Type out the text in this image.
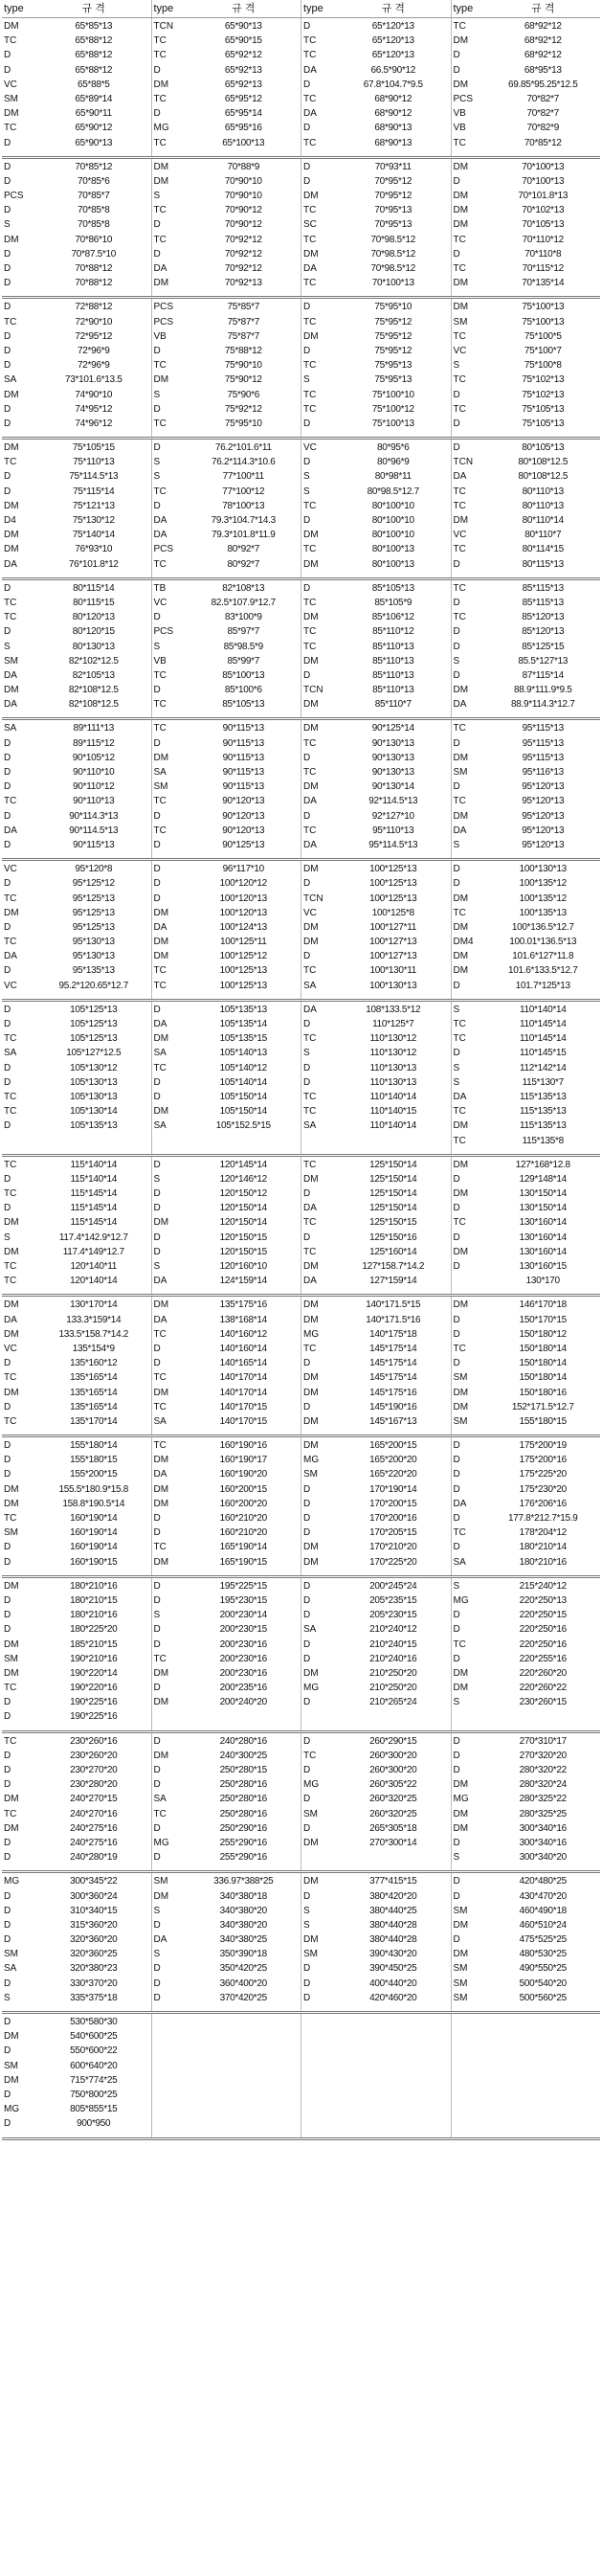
type	규 격	type	규 격	type	규 격	type	규 격
DM	65*85*13
TC	65*88*12
D	65*88*12
D	65*88*12
VC	65*88*5
SM	65*89*14
DM	65*90*11
TC	65*90*12
D	65*90*13
TCN	65*90*13
TC	65*90*15
TC	65*92*12
D	65*92*13
DM	65*92*13
TC	65*95*12
D	65*95*14
MG	65*95*16
TC	65*100*13
D	65*120*13
TC	65*120*13
TC	65*120*13
DA	66.5*90*12
D	67.8*104.7*9.5
TC	68*90*12
DA	68*90*12
D	68*90*13
TC	68*90*13
TC	68*92*12
DM	68*92*12
D	68*92*12
D	68*95*13
DM	69.85*95.25*12.5
PCS	70*82*7
VB	70*82*7
VB	70*82*9
TC	70*85*12
D	70*85*12
D	70*85*6
PCS	70*85*7
D	70*85*8
S	70*85*8
DM	70*86*10
D	70*87.5*10
D	70*88*12
D	70*88*12
DM	70*88*9
DM	70*90*10
S	70*90*10
TC	70*90*12
D	70*90*12
TC	70*92*12
D	70*92*12
DA	70*92*12
DM	70*92*13
D	70*93*11
D	70*95*12
DM	70*95*12
TC	70*95*13
SC	70*95*13
TC	70*98.5*12
DM	70*98.5*12
DA	70*98.5*12
TC	70*100*13
DM	70*100*13
D	70*100*13
DM	70*101.8*13
DM	70*102*13
DM	70*105*13
TC	70*110*12
D	70*110*8
TC	70*115*12
DM	70*135*14
D	72*88*12
TC	72*90*10
D	72*95*12
D	72*96*9
D	72*96*9
SA	73*101.6*13.5
DM	74*90*10
D	74*95*12
D	74*96*12
PCS	75*85*7
PCS	75*87*7
VB	75*87*7
D	75*88*12
TC	75*90*10
DM	75*90*12
S	75*90*6
D	75*92*12
TC	75*95*10
D	75*95*10
TC	75*95*12
DM	75*95*12
D	75*95*12
TC	75*95*13
S	75*95*13
TC	75*100*10
TC	75*100*12
D	75*100*13
DM	75*100*13
SM	75*100*13
TC	75*100*5
VC	75*100*7
S	75*100*8
TC	75*102*13
D	75*102*13
TC	75*105*13
D	75*105*13
DM	75*105*15
TC	75*110*13
D	75*114.5*13
D	75*115*14
DM	75*121*13
D4	75*130*12
DM	75*140*14
DM	76*93*10
DA	76*101.8*12
D	76.2*101.6*11
S	76.2*114.3*10.6
S	77*100*11
TC	77*100*12
D	78*100*13
DA	79.3*104.7*14.3
DA	79.3*101.8*11.9
PCS	80*92*7
TC	80*92*7
VC	80*95*6
D	80*96*9
S	80*98*11
S	80*98.5*12.7
TC	80*100*10
D	80*100*10
DM	80*100*10
TC	80*100*13
DM	80*100*13
D	80*105*13
TCN	80*108*12.5
DA	80*108*12.5
TC	80*110*13
TC	80*110*13
DM	80*110*14
VC	80*110*7
TC	80*114*15
D	80*115*13
D	80*115*14
TC	80*115*15
TC	80*120*13
D	80*120*15
S	80*130*13
SM	82*102*12.5
DA	82*105*13
DM	82*108*12.5
DA	82*108*12.5
TB	82*108*13
VC	82.5*107.9*12.7
D	83*100*9
PCS	85*97*7
S	85*98.5*9
VB	85*99*7
TC	85*100*13
D	85*100*6
TC	85*105*13
D	85*105*13
TC	85*105*9
DM	85*106*12
TC	85*110*12
TC	85*110*13
DM	85*110*13
D	85*110*13
TCN	85*110*13
DM	85*110*7
TC	85*115*13
D	85*115*13
TC	85*120*13
D	85*120*13
D	85*125*15
S	85.5*127*13
D	87*115*14
DM	88.9*111.9*9.5
DA	88.9*114.3*12.7
SA	89*111*13
D	89*115*12
D	90*105*12
D	90*110*10
D	90*110*12
TC	90*110*13
D	90*114.3*13
DA	90*114.5*13
D	90*115*13
TC	90*115*13
D	90*115*13
DM	90*115*13
SA	90*115*13
SM	90*115*13
TC	90*120*13
D	90*120*13
TC	90*120*13
D	90*125*13
DM	90*125*14
TC	90*130*13
D	90*130*13
TC	90*130*13
DM	90*130*14
DA	92*114.5*13
D	92*127*10
TC	95*110*13
DA	95*114.5*13
TC	95*115*13
D	95*115*13
DM	95*115*13
SM	95*116*13
D	95*120*13
TC	95*120*13
DM	95*120*13
DA	95*120*13
S	95*120*13
VC	95*120*8
D	95*125*12
TC	95*125*13
DM	95*125*13
D	95*125*13
TC	95*130*13
DA	95*130*13
D	95*135*13
VC	95.2*120.65*12.7
D	96*117*10
D	100*120*12
D	100*120*13
DM	100*120*13
DA	100*124*13
DM	100*125*11
DM	100*125*12
TC	100*125*13
TC	100*125*13
DM	100*125*13
D	100*125*13
TCN	100*125*13
VC	100*125*8
DM	100*127*11
DM	100*127*13
D	100*127*13
TC	100*130*11
SA	100*130*13
D	100*130*13
D	100*135*12
DM	100*135*12
TC	100*135*13
DM	100*136.5*12.7
DM4	100.01*136.5*13
DM	101.6*127*11.8
DM	101.6*133.5*12.7
D	101.7*125*13
D	105*125*13
D	105*125*13
TC	105*125*13
SA	105*127*12.5
D	105*130*12
D	105*130*13
TC	105*130*13
TC	105*130*14
D	105*135*13
D	105*135*13
DA	105*135*14
DM	105*135*15
SA	105*140*13
TC	105*140*12
D	105*140*14
D	105*150*14
DM	105*150*14
SA	105*152.5*15
DA	108*133.5*12
D	110*125*7
TC	110*130*12
S	110*130*12
D	110*130*13
D	110*130*13
TC	110*140*14
TC	110*140*15
SA	110*140*14
S	110*140*14
TC	110*145*14
TC	110*145*14
D	110*145*15
S	112*142*14
S	115*130*7
DA	115*135*13
TC	115*135*13
DM	115*135*13
TC	115*135*8
TC	115*140*14
D	115*140*14
TC	115*145*14
D	115*145*14
DM	115*145*14
S	117.4*142.9*12.7
DM	117.4*149*12.7
TC	120*140*11
TC	120*140*14
D	120*145*14
S	120*146*12
D	120*150*12
D	120*150*14
DM	120*150*14
D	120*150*15
D	120*150*15
S	120*160*10
DA	124*159*14
TC	125*150*14
DM	125*150*14
D	125*150*14
DA	125*150*14
TC	125*150*15
D	125*150*16
TC	125*160*14
DM	127*158.7*14.2
DA	127*159*14
DM	127*168*12.8
D	129*148*14
DM	130*150*14
D	130*150*14
TC	130*160*14
D	130*160*14
DM	130*160*14
D	130*160*15
130*170
DM	130*170*14
DA	133.3*159*14
DM	133.5*158.7*14.2
VC	135*154*9
D	135*160*12
TC	135*165*14
DM	135*165*14
D	135*165*14
TC	135*170*14
DM	135*175*16
DA	138*168*14
TC	140*160*12
D	140*160*14
D	140*165*14
TC	140*170*14
DM	140*170*14
TC	140*170*15
SA	140*170*15
DM	140*171.5*15
DM	140*171.5*16
MG	140*175*18
TC	145*175*14
D	145*175*14
DM	145*175*14
DM	145*175*16
D	145*190*16
DM	145*167*13
DM	146*170*18
D	150*170*15
D	150*180*12
TC	150*180*14
D	150*180*14
SM	150*180*14
DM	150*180*16
DM	152*171.5*12.7
SM	155*180*15
D	155*180*14
D	155*180*15
D	155*200*15
DM	155.5*180.9*15.8
DM	158.8*190.5*14
TC	160*190*14
SM	160*190*14
D	160*190*14
D	160*190*15
TC	160*190*16
DM	160*190*17
DA	160*190*20
DM	160*200*15
DM	160*200*20
D	160*210*20
D	160*210*20
TC	165*190*14
DM	165*190*15
DM	165*200*15
MG	165*200*20
SM	165*220*20
D	170*190*14
D	170*200*15
D	170*200*16
D	170*205*15
DM	170*210*20
DM	170*225*20
D	175*200*19
D	175*200*16
D	175*225*20
D	175*230*20
DA	176*206*16
D	177.8*212.7*15.9
TC	178*204*12
D	180*210*14
SA	180*210*16
DM	180*210*16
D	180*210*15
D	180*210*16
D	180*225*20
DM	185*210*15
SM	190*210*16
DM	190*220*14
TC	190*220*16
D	190*225*16
D	190*225*16
D	195*225*15
D	195*230*15
S	200*230*14
D	200*230*15
D	200*230*16
TC	200*230*16
DM	200*230*16
D	200*235*16
DM	200*240*20
D	200*245*24
D	205*235*15
D	205*230*15
SA	210*240*12
D	210*240*15
D	210*240*16
DM	210*250*20
MG	210*250*20
D	210*265*24
S	215*240*12
MG	220*250*13
D	220*250*15
D	220*250*16
TC	220*250*16
D	220*255*16
DM	220*260*20
DM	220*260*22
S	230*260*15
TC	230*260*16
D	230*260*20
D	230*270*20
D	230*280*20
DM	240*270*15
TC	240*270*16
DM	240*275*16
D	240*275*16
D	240*280*19
D	240*280*16
DM	240*300*25
D	250*280*15
D	250*280*16
SA	250*280*16
TC	250*280*16
D	250*290*16
MG	255*290*16
D	255*290*16
D	260*290*15
TC	260*300*20
D	260*300*20
MG	260*305*22
D	260*320*25
SM	260*320*25
D	265*305*18
DM	270*300*14
D	270*310*17
D	270*320*20
D	280*320*22
DM	280*320*24
MG	280*325*22
DM	280*325*25
DM	300*340*16
D	300*340*16
S	300*340*20
MG	300*345*22
D	300*360*24
D	310*340*15
D	315*360*20
D	320*360*20
SM	320*360*25
SA	320*380*23
D	330*370*20
S	335*375*18
SM	336.97*388*25
DM	340*380*18
S	340*380*20
D	340*380*20
DA	340*380*25
S	350*390*18
D	350*420*25
D	360*400*20
D	370*420*25
DM	377*415*15
D	380*420*20
S	380*440*25
S	380*440*28
DM	380*440*28
SM	390*430*20
D	390*450*25
D	400*440*20
D	420*460*20
D	420*480*25
D	430*470*20
SM	460*490*18
DM	460*510*24
D	475*525*25
DM	480*530*25
SM	490*550*25
SM	500*540*20
SM	500*560*25
D	530*580*30
DM	540*600*25
D	550*600*22
SM	600*640*20
DM	715*774*25
D	750*800*25
MG	805*855*15
D	900*950
